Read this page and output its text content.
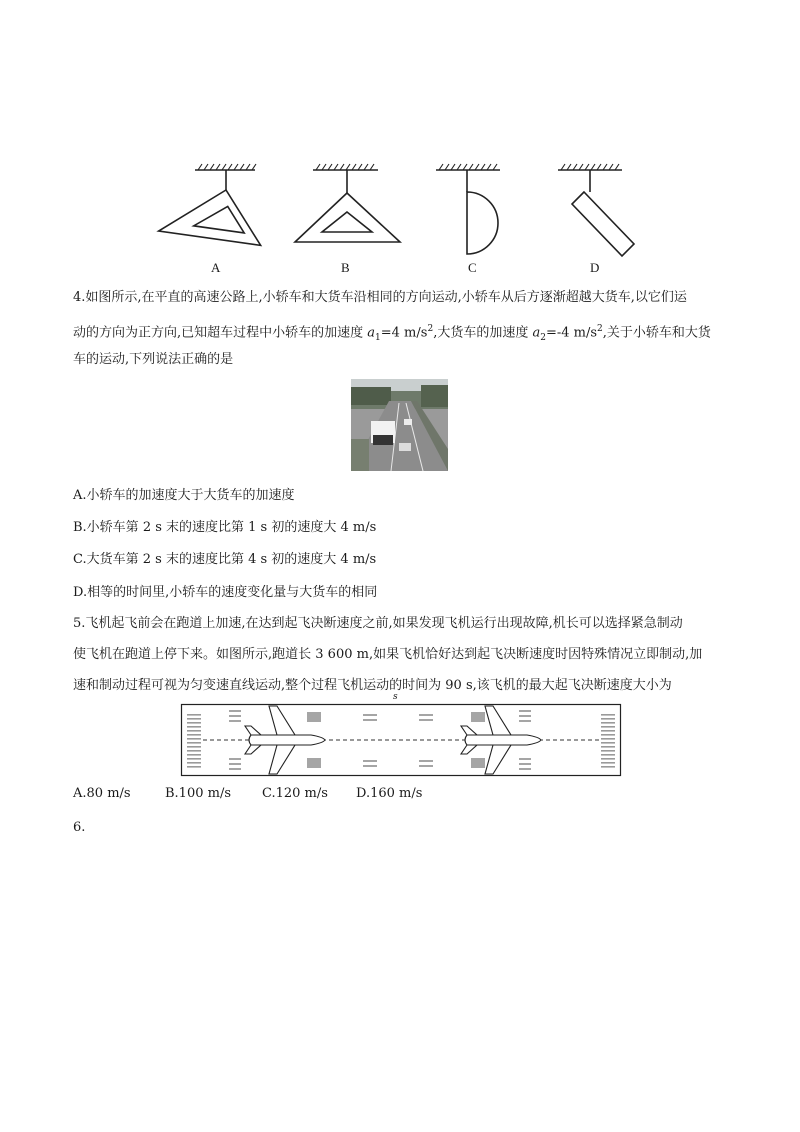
A	B	C	D
4.如图所示,在平直的高速公路上,小轿车和大货车沿相同的方向运动,小轿车从后方逐渐超越大货车,以它们运
动的方向为正方向,已知超车过程中小轿车的加速度 $a_1=4$ $m/s^2$,大货车的加速度 $a_2=-4$ $m/s^2$,关于小轿车和大货
车的运动,下列说法正确的是
A.小轿车的加速度大于大货车的加速度
B.小轿车第 2 s 末的速度比第 1 s 初的速度大 4 m/s
C.大货车第 2 s 末的速度比第 4 s 初的速度大 4 m/s
D.相等的时间里,小轿车的速度变化量与大货车的相同
5.飞机起飞前会在跑道上加速,在达到起飞决断速度之前,如果发现飞机运行出现故障,机长可以选择紧急制动
使飞机在跑道上停下来。如图所示,跑道长 3 600 m,如果飞机恰好达到起飞决断速度时因特殊情况立即制动,加
速和制动过程可视为匀变速直线运动,整个过程飞机运动的时间为 90 s,该飞机的最大起飞决断速度大小为
s
A.80 m/s	B.100 m/s C.120 m/s D.160 m/s
6.
